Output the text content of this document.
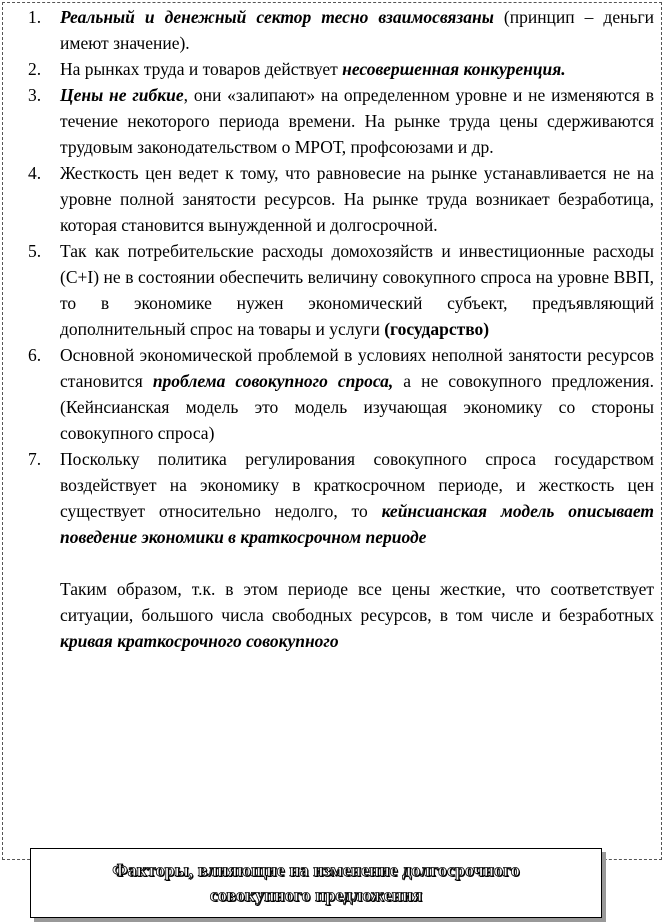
1. Реальный и денежный сектор тесно взаимосвязаны (принцип – деньги имеют значение).
2. На рынках труда и товаров действует несовершенная конкуренция.
3. Цены не гибкие, они «залипают» на определенном уровне и не изменяются в течение некоторого периода времени. На рынке труда цены сдерживаются трудовым законодательством о МРОТ, профсоюзами и др.
4. Жесткость цен ведет к тому, что равновесие на рынке устанавливается не на уровне полной занятости ресурсов. На рынке труда возникает безработица, которая становится вынужденной и долгосрочной.
5. Так как потребительские расходы домохозяйств и инвестиционные расходы (С+I) не в состоянии обеспечить величину совокупного спроса на уровне ВВП, то в экономике нужен экономический субъект, предъявляющий дополнительный спрос на товары и услуги (государство)
6. Основной экономической проблемой в условиях неполной занятости ресурсов становится проблема совокупного спроса, а не совокупного предложения. (Кейнсианская модель это модель изучающая экономику со стороны совокупного спроса)
7. Поскольку политика регулирования совокупного спроса государством воздействует на экономику в краткосрочном периоде, и жесткость цен существует относительно недолго, то кейнсианская модель описывает поведение экономики в краткосрочном периоде

Таким образом, т.к. в этом периоде все цены жесткие, что соответствует ситуации, большого числа свободных ресурсов, в том числе и безработных кривая краткосрочного совокупного

Факторы, влияющие на изменение долгосрочного совокупного предложения
